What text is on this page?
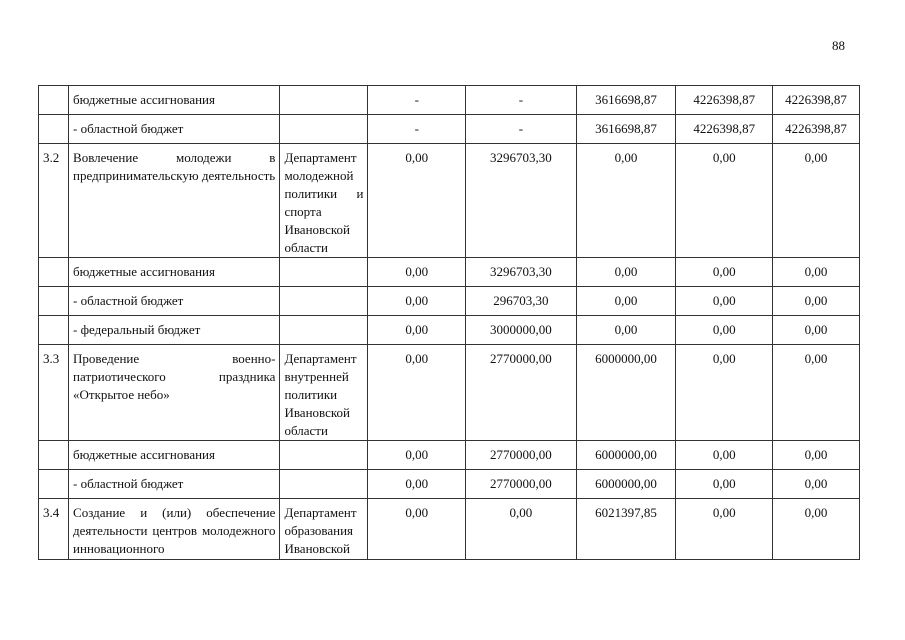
88
	бюджетные ассигнования		-	-	3616698,87	4226398,87	4226398,87
	- областной бюджет		-	-	3616698,87	4226398,87	4226398,87
3.2	Вовлечение молодежи в предпринимательскую деятельность	Департамент молодежной политики и спорта Ивановской области	0,00	3296703,30	0,00	0,00	0,00
	бюджетные ассигнования		0,00	3296703,30	0,00	0,00	0,00
	- областной бюджет		0,00	296703,30	0,00	0,00	0,00
	- федеральный бюджет		0,00	3000000,00	0,00	0,00	0,00
3.3	Проведение военно-патриотического праздника «Открытое небо»	Департамент внутренней политики Ивановской области	0,00	2770000,00	6000000,00	0,00	0,00
	бюджетные ассигнования		0,00	2770000,00	6000000,00	0,00	0,00
	- областной бюджет		0,00	2770000,00	6000000,00	0,00	0,00
3.4	Создание и (или) обеспечение деятельности центров молодежного инновационного	Департамент образования Ивановской	0,00	0,00	6021397,85	0,00	0,00
